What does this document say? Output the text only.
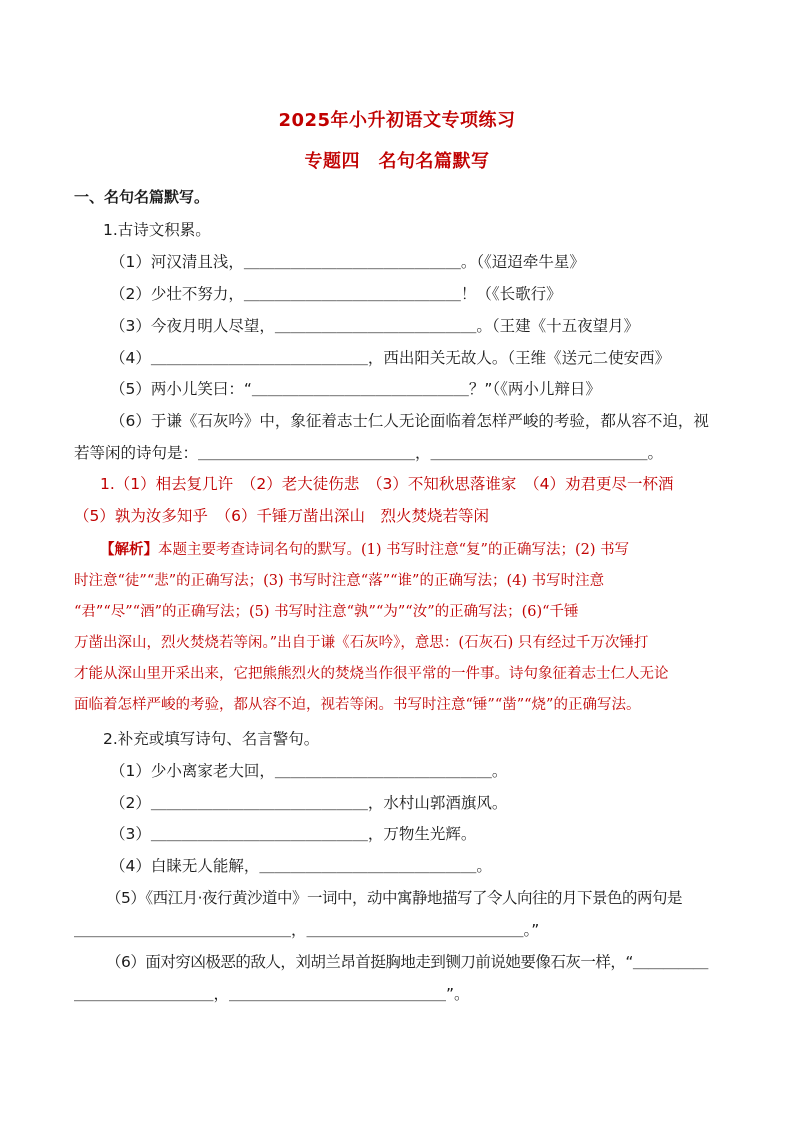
2025年小升初语文专项练习
专题四　名句名篇默写
一、名句名篇默写。
1.古诗文积累。
（1）河汉清且浅，＿＿＿＿＿＿＿＿＿＿＿＿＿＿。（《迢迢牵牛星》
（2）少壮不努力，＿＿＿＿＿＿＿＿＿＿＿＿＿＿！（《长歌行》
（3）今夜月明人尽望，＿＿＿＿＿＿＿＿＿＿＿＿＿。（王建《十五夜望月》
（4）＿＿＿＿＿＿＿＿＿＿＿＿＿＿，西出阳关无故人。（王维《送元二使安西》
（5）两小儿笑曰：“＿＿＿＿＿＿＿＿＿＿＿＿＿＿？”（《两小儿辩日》
（6）于谦《石灰吟》中，象征着志士仁人无论面临着怎样严峻的考验，都从容不迫，视
若等闲的诗句是：＿＿＿＿＿＿＿＿＿＿＿＿＿＿，＿＿＿＿＿＿＿＿＿＿＿＿＿＿。
1.（1）相去复几许　（2）老大徒伤悲　（3）不知秋思落谁家　（4）劝君更尽一杯酒
（5）孰为汝多知乎　（6）千锤万凿出深山　烈火焚烧若等闲
【解析】本题主要考查诗词名句的默写。(1) 书写时注意“复”的正确写法；(2) 书写
时注意“徒”“悲”的正确写法；(3) 书写时注意“落”“谁”的正确写法；(4) 书写时注意
“君”“尽”“酒”的正确写法；(5) 书写时注意“孰”“为”“汝”的正确写法；(6)“千锤
万凿出深山，烈火焚烧若等闲。”出自于谦《石灰吟》，意思：(石灰石) 只有经过千万次锤打
才能从深山里开采出来，它把熊熊烈火的焚烧当作很平常的一件事。诗句象征着志士仁人无论
面临着怎样严峻的考验，都从容不迫，视若等闲。书写时注意“锤”“凿”“烧”的正确写法。
2.补充或填写诗句、名言警句。
（1）少小离家老大回，＿＿＿＿＿＿＿＿＿＿＿＿＿＿。
（2）＿＿＿＿＿＿＿＿＿＿＿＿＿＿，水村山郭酒旗风。
（3）＿＿＿＿＿＿＿＿＿＿＿＿＿＿，万物生光辉。
（4）白睐无人能解，＿＿＿＿＿＿＿＿＿＿＿＿＿＿。
（5）《西江月·夜行黄沙道中》一词中，动中寓静地描写了令人向往的月下景色的两句是
＿＿＿＿＿＿＿＿＿＿＿＿＿＿，＿＿＿＿＿＿＿＿＿＿＿＿＿＿。”
（6）面对穷凶极恶的敌人，刘胡兰昂首挺胸地走到铡刀前说她要像石灰一样，“＿＿＿＿＿
＿＿＿＿＿＿＿＿＿，＿＿＿＿＿＿＿＿＿＿＿＿＿＿”。
